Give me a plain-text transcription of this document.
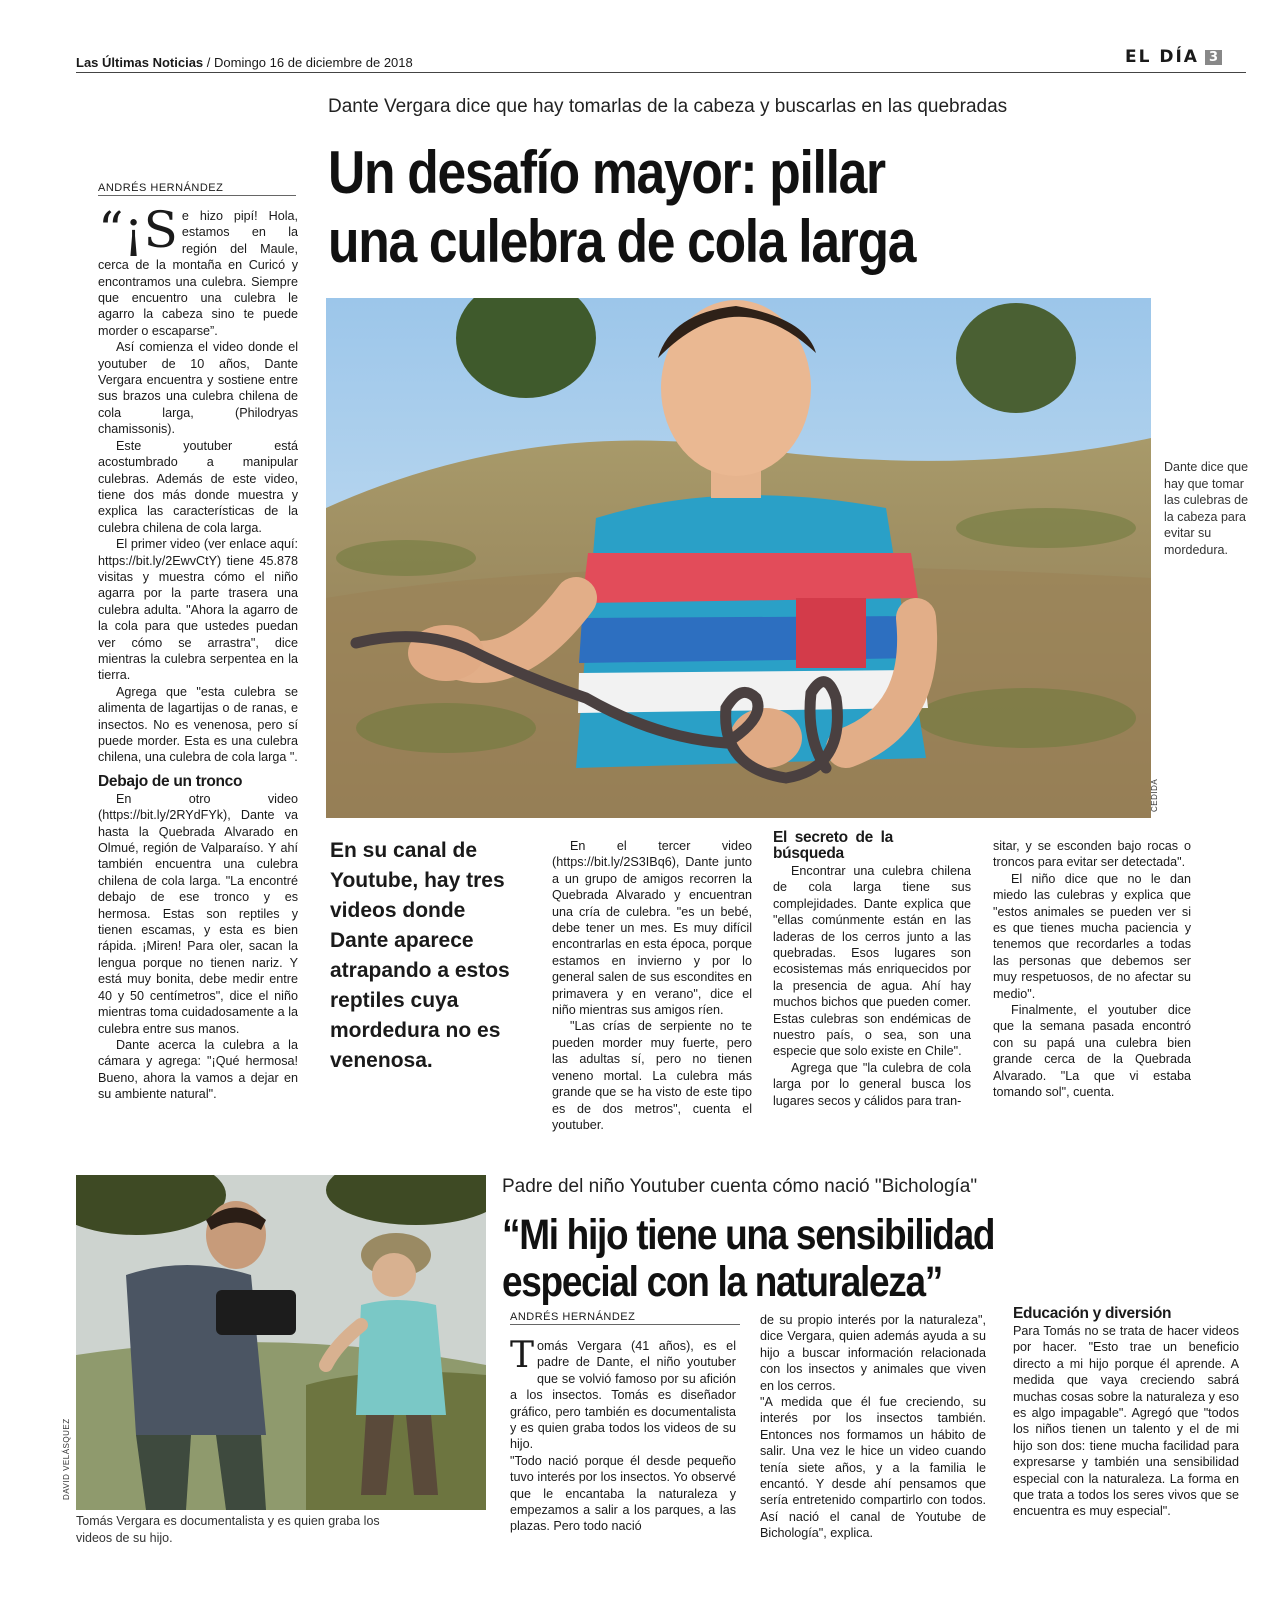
Las Últimas Noticias / Domingo 16 de diciembre de 2018	EL DÍA 3
Dante Vergara dice que hay tomarlas de la cabeza y buscarlas en las quebradas
Un desafío mayor: pillar
una culebra de cola larga
ANDRÉS HERNÁNDEZ

“¡S e hizo pipí! Hola, estamos en la región del Maule, cerca de la montaña en Curicó y encontramos una culebra. Siempre que encuentro una culebra le agarro la cabeza sino te puede morder o escaparse”.

Así comienza el video donde el youtuber de 10 años, Dante Vergara encuentra y sostiene entre sus brazos una culebra chilena de cola larga, (Philodryas chamissonis).

Este youtuber está acostumbrado a manipular culebras. Además de este video, tiene dos más donde muestra y explica las características de la culebra chilena de cola larga.

El primer video (ver enlace aquí: https://bit.ly/2EwvCtY) tiene 45.878 visitas y muestra cómo el niño agarra por la parte trasera una culebra adulta. "Ahora la agarro de la cola para que ustedes puedan ver cómo se arrastra", dice mientras la culebra serpentea en la tierra.

Agrega que "esta culebra se alimenta de lagartijas o de ranas, e insectos. No es venenosa, pero sí puede morder. Esta es una culebra chilena, una culebra de cola larga ".

Debajo de un tronco

En otro video (https://bit.ly/2RYdFYk), Dante va hasta la Quebrada Alvarado en Olmué, región de Valparaíso. Y ahí también encuentra una culebra chilena de cola larga. "La encontré debajo de ese tronco y es hermosa. Estas son reptiles y tienen escamas, y esta es bien rápida. ¡Miren! Para oler, sacan la lengua porque no tienen nariz. Y está muy bonita, debe medir entre 40 y 50 centímetros", dice el niño mientras toma cuidadosamente a la culebra entre sus manos.

Dante acerca la culebra a la cámara y agrega: "¡Qué hermosa! Bueno, ahora la vamos a dejar en su ambiente natural".

CEDIDA
Dante dice que hay que tomar las culebras de la cabeza para evitar su mordedura.
En su canal de Youtube, hay tres videos donde Dante aparece atrapando a estos reptiles cuya mordedura no es venenosa.

En el tercer video (https://bit.ly/2S3IBq6), Dante junto a un grupo de amigos recorren la Quebrada Alvarado y encuentran una cría de culebra. "es un bebé, debe tener un mes. Es muy difícil encontrarlas en esta época, porque estamos en invierno y por lo general salen de sus escondites en primavera y en verano", dice el niño mientras sus amigos ríen.

"Las crías de serpiente no te pueden morder muy fuerte, pero las adultas sí, pero no tienen veneno mortal. La culebra más grande que se ha visto de este tipo es de dos metros", cuenta el youtuber.

El secreto de la búsqueda

Encontrar una culebra chilena de cola larga tiene sus complejidades. Dante explica que "ellas comúnmente están en las laderas de los cerros junto a las quebradas. Esos lugares son ecosistemas más enriquecidos por la presencia de agua. Ahí hay muchos bichos que pueden comer. Estas culebras son endémicas de nuestro país, o sea, son una especie que solo existe en Chile".

Agrega que "la culebra de cola larga por lo general busca los lugares secos y cálidos para tran-

sitar, y se esconden bajo rocas o troncos para evitar ser detectada".

El niño dice que no le dan miedo las culebras y explica que "estos animales se pueden ver si es que tienes mucha paciencia y tenemos que recordarles a todas las personas que debemos ser muy respetuosos, de no afectar su medio".

Finalmente, el youtuber dice que la semana pasada encontró con su papá una culebra bien grande cerca de la Quebrada Alvarado. "La que vi estaba tomando sol", cuenta.

DAVID VELÁSQUEZ
Tomás Vergara es documentalista y es quien graba los videos de su hijo.
Padre del niño Youtuber cuenta cómo nació "Bichología"
“Mi hijo tiene una sensibilidad
especial con la naturaleza”
ANDRÉS HERNÁNDEZ

Tomás Vergara (41 años), es el padre de Dante, el niño youtuber que se volvió famoso por su afición a los insectos. Tomás es diseñador gráfico, pero también es documentalista y es quien graba todos los videos de su hijo.

"Todo nació porque él desde pequeño tuvo interés por los insectos. Yo observé que le encantaba la naturaleza y empezamos a salir a los parques, a las plazas. Pero todo nació

de su propio interés por la naturaleza", dice Vergara, quien además ayuda a su hijo a buscar información relacionada con los insectos y animales que viven en los cerros.

"A medida que él fue creciendo, su interés por los insectos también. Entonces nos formamos un hábito de salir. Una vez le hice un video cuando tenía siete años, y a la familia le encantó. Y desde ahí pensamos que sería entretenido compartirlo con todos. Así nació el canal de Youtube de Bichología", explica.

Educación y diversión

Para Tomás no se trata de hacer videos por hacer. "Esto trae un beneficio directo a mi hijo porque él aprende. A medida que vaya creciendo sabrá muchas cosas sobre la naturaleza y eso es algo impagable". Agregó que "todos los niños tienen un talento y el de mi hijo son dos: tiene mucha facilidad para expresarse y también una sensibilidad especial con la naturaleza. La forma en que trata a todos los seres vivos que se encuentra es muy especial".
